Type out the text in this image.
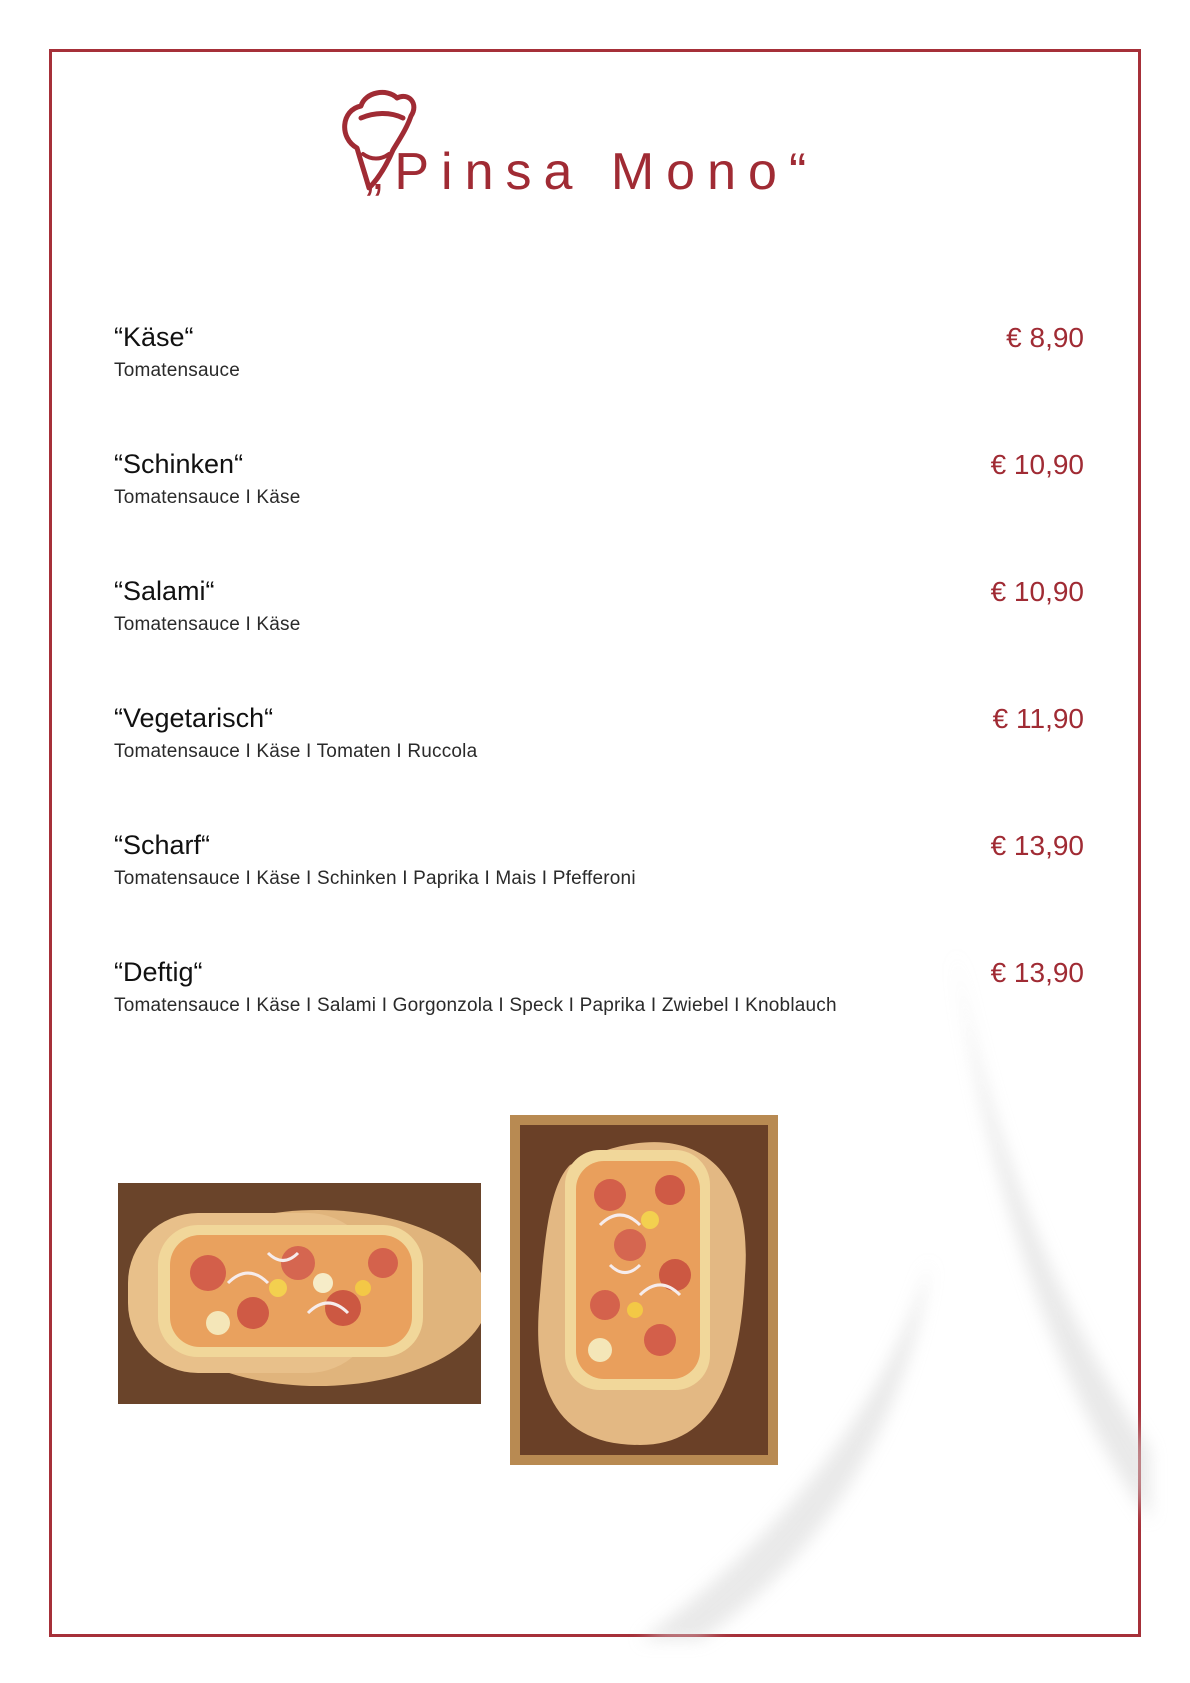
„Pinsa Mono“
“Käse“
Tomatensauce
€ 8,90
“Schinken“
Tomatensauce I Käse
€ 10,90
“Salami“
Tomatensauce I Käse
€ 10,90
“Vegetarisch“
Tomatensauce I Käse I Tomaten I Ruccola
€ 11,90
“Scharf“
Tomatensauce I Käse I Schinken I Paprika I Mais I Pfefferoni
€ 13,90
“Deftig“
Tomatensauce I Käse I Salami I Gorgonzola I Speck I Paprika I Zwiebel I Knoblauch
€ 13,90
